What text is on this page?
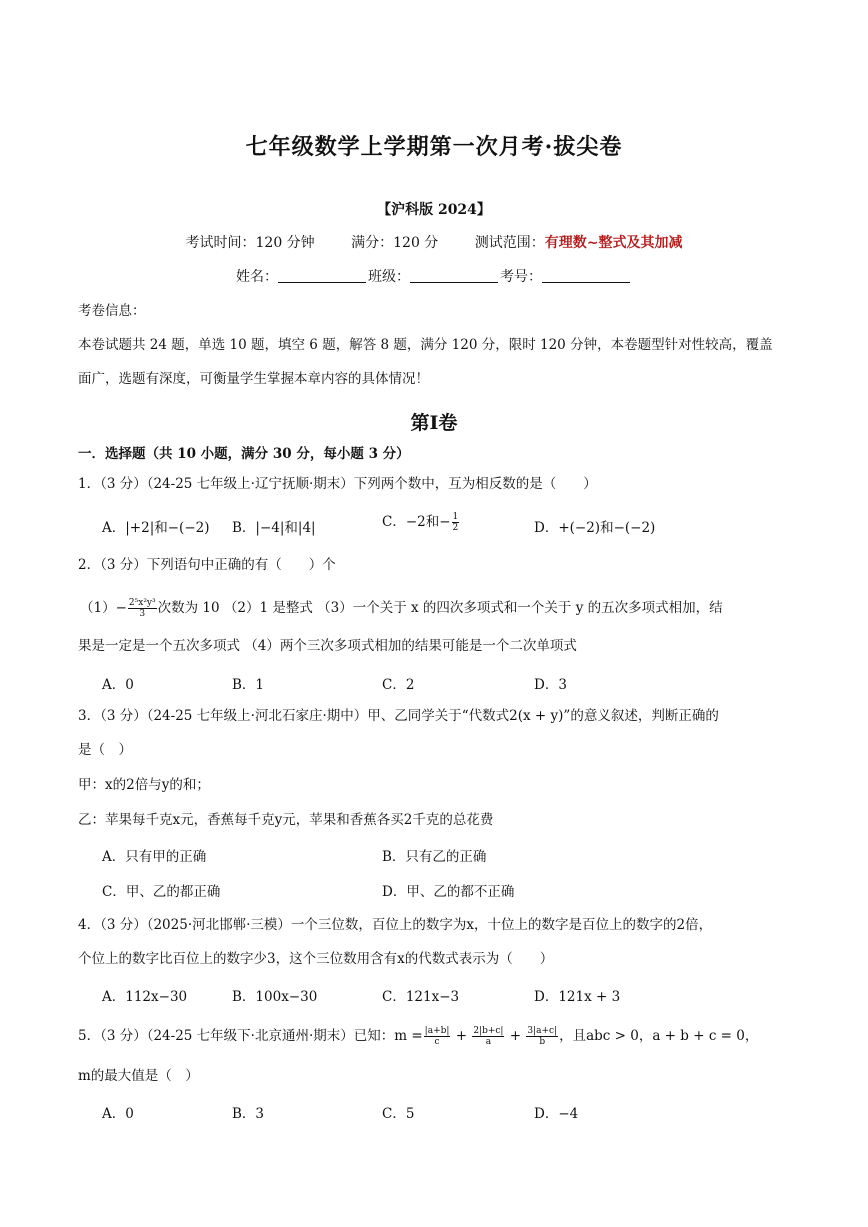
七年级数学上学期第一次月考·拔尖卷
【沪科版 2024】
考试时间：120 分钟	满分：120 分	测试范围：有理数~整式及其加减
姓名：	班级：	考号：
考卷信息：
本卷试题共 24 题，单选 10 题，填空 6 题，解答 8 题，满分 120 分，限时 120 分钟，本卷题型针对性较高，覆盖
面广，选题有深度，可衡量学生掌握本章内容的具体情况！
第Ⅰ卷
一．选择题（共 10 小题，满分 30 分，每小题 3 分）
1．（3 分）（24-25 七年级上·辽宁抚顺·期末）下列两个数中，互为相反数的是（　　）
A．|+2|和−(−2) B．|−4|和|4|	C．−2和− $\frac{1}{2}$	D．+(−2)和−(−2)
2．（3 分）下列语句中正确的有（　　）个
$(1)- \frac{\text{2⁵x²y³}}{3}$ 次数为 10 （2）1 是整式 （3）一个关于 x 的四次多项式和一个关于 y 的五次多项式相加，结
果是一定是一个五次多项式 （4）两个三次多项式相加的结果可能是一个二次单项式
A．0	B．1	C．2	D．3
3．（3 分）（24-25 七年级上·河北石家庄·期中）甲、乙同学关于“代数式2(x + y)”的意义叙述，判断正确的
是（　）
甲：x的2倍与y的和；
乙：苹果每千克x元，香蕉每千克y元，苹果和香蕉各买2千克的总花费
A．只有甲的正确	B．只有乙的正确
C．甲、乙的都正确	D．甲、乙的都不正确
4．（3 分）（2025·河北邯郸·三模）一个三位数，百位上的数字为x，十位上的数字是百位上的数字的2倍，
个位上的数字比百位上的数字少3，这个三位数用含有x的代数式表示为（　　）
A．112x−30	B．100x−30	C．121x−3	D．121x + 3
5．（3 分）（24-25 七年级下·北京通州·期末）已知：$m = \frac{|a+b|}{c} + \frac{2|b+c|}{a} + \frac{3|a+c|}{b}$ ，且abc > 0，a + b + c = 0，
m的最大值是（　）
A．0	B．3	C．5	D．−4
